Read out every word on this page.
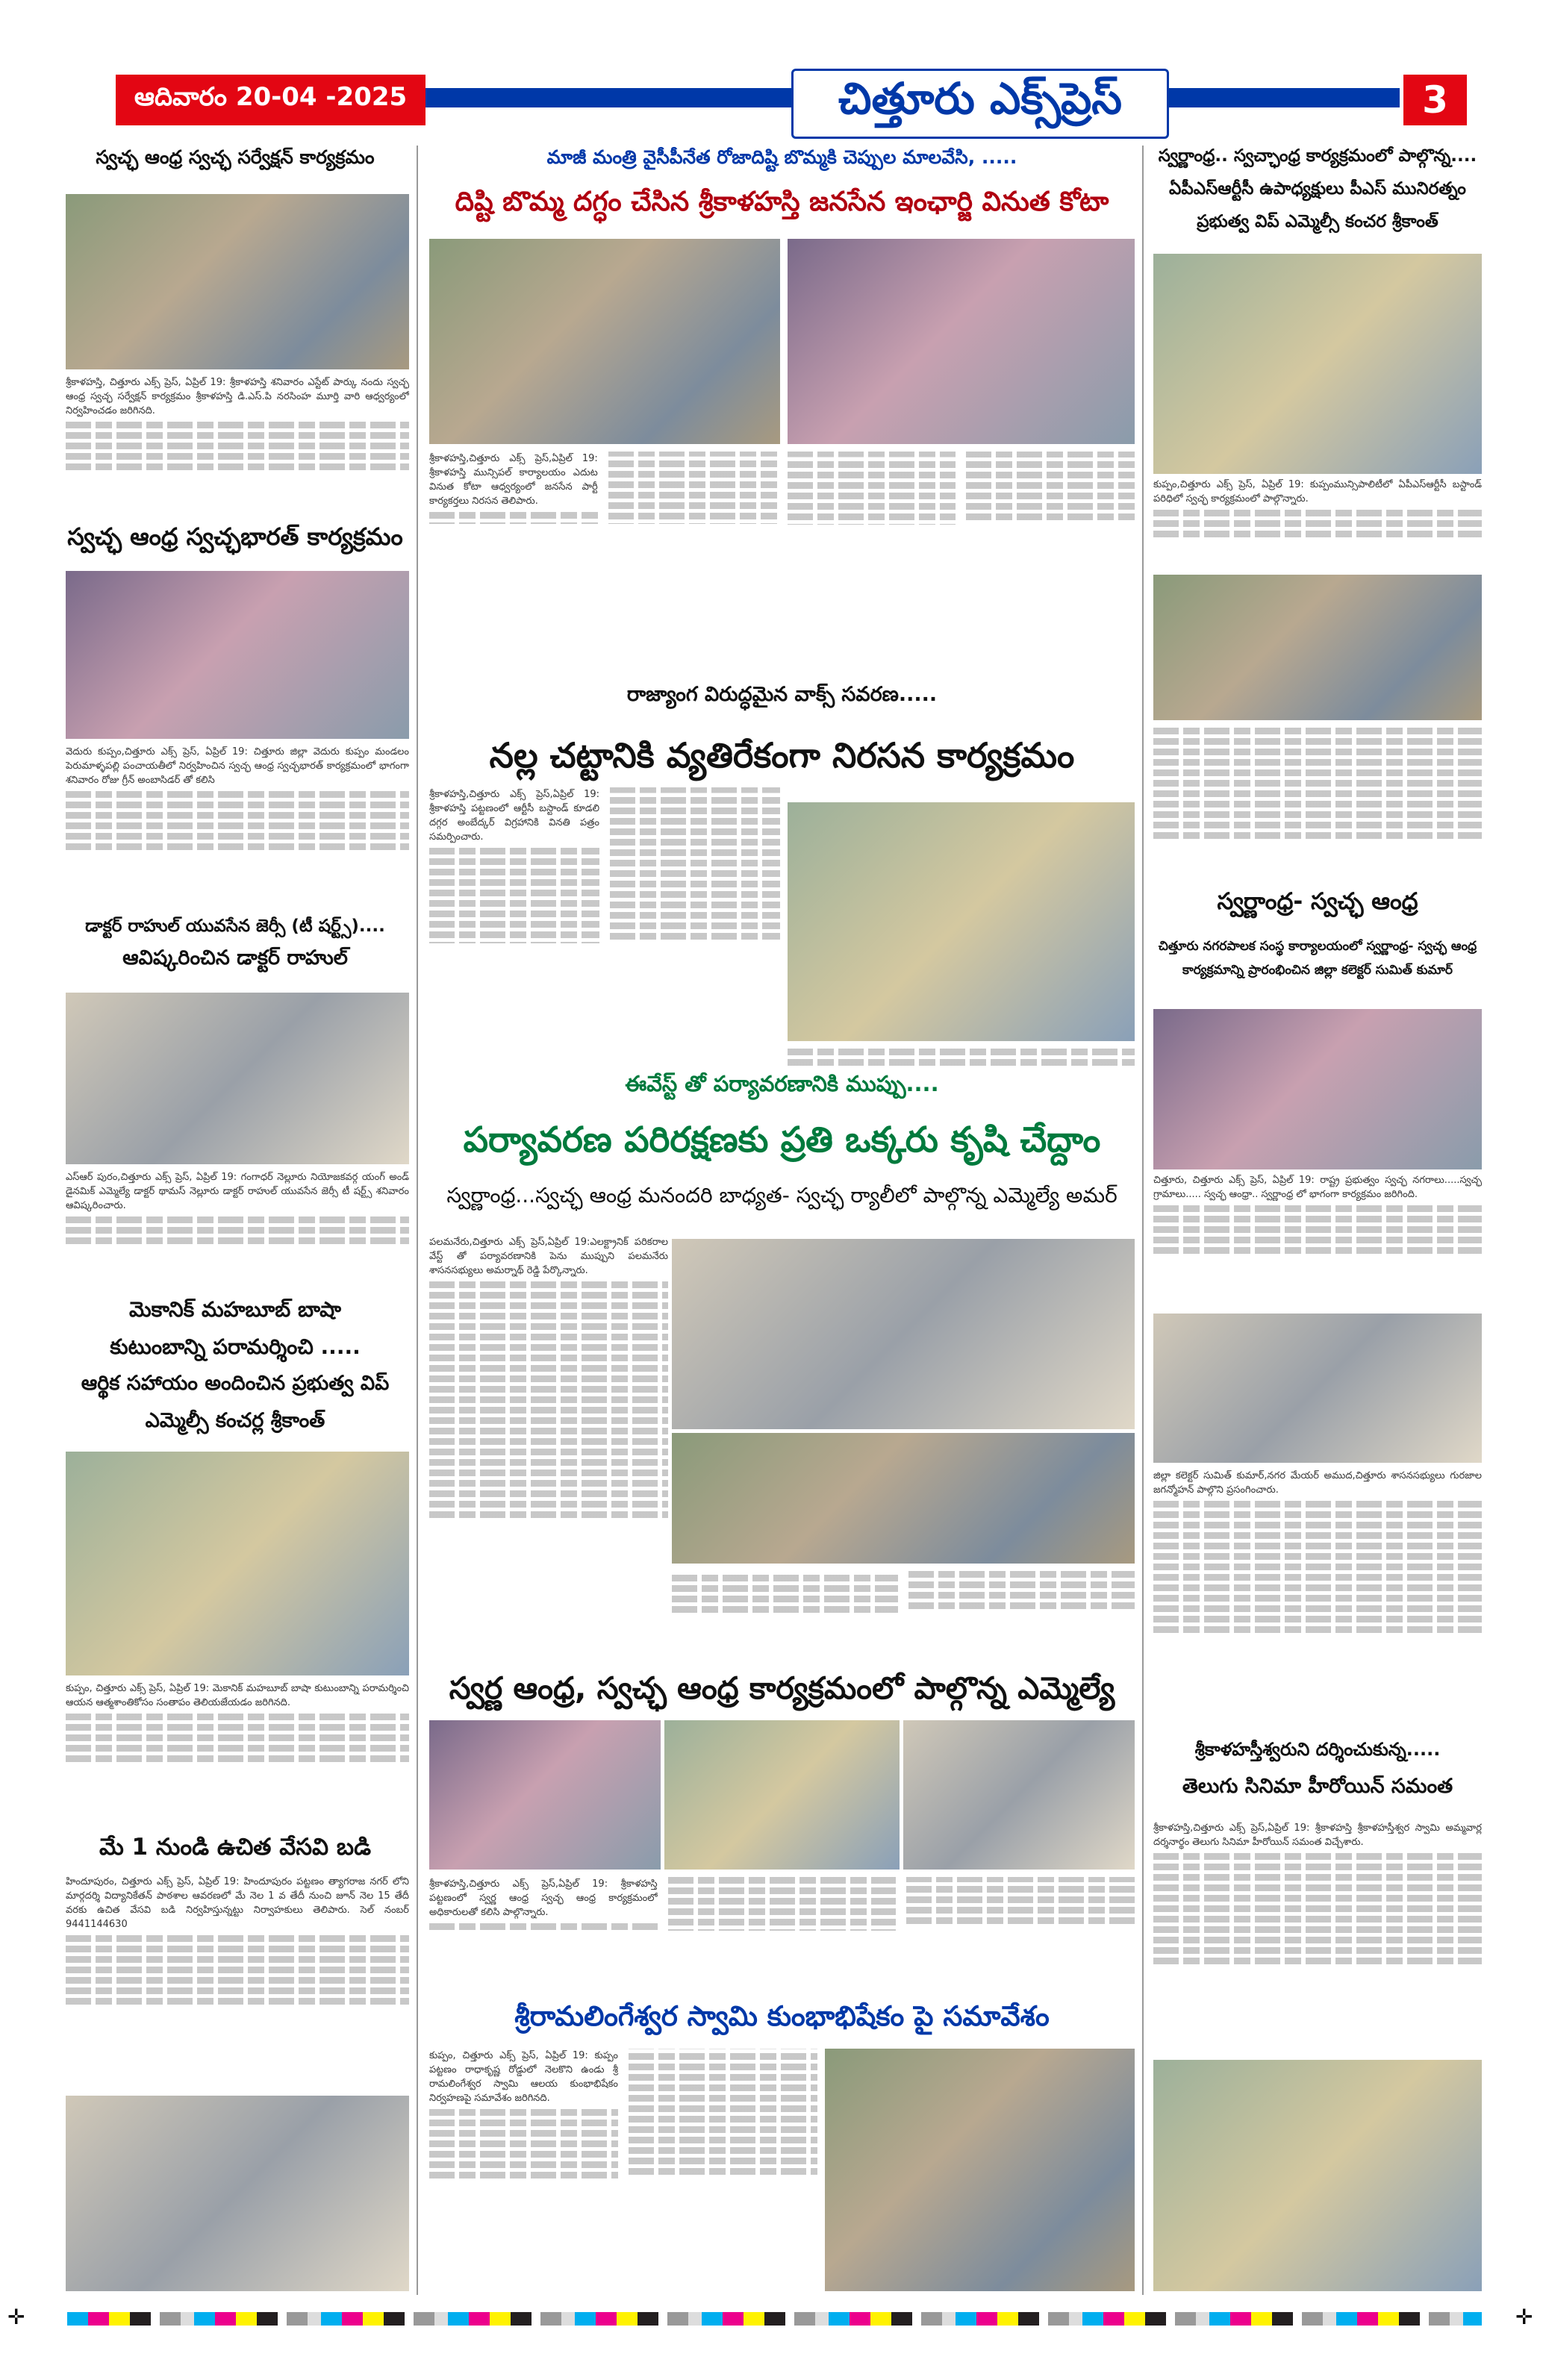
ఆదివారం 20-04 -2025	చిత్తూరు ఎక్స్‌ప్రెస్	3
స్వచ్ఛ ఆంధ్ర స్వచ్ఛ సర్వేక్షన్ కార్యక్రమం
శ్రీకాళహస్తి, చిత్తూరు ఎక్స్ ప్రెస్, ఏప్రిల్ 19: శ్రీకాళహస్తి శనివారం ఎస్టేట్ పార్కు నందు స్వచ్ఛ ఆంధ్ర స్వచ్ఛ సర్వేక్షన్ కార్యక్రమం శ్రీకాళహస్తి డి.ఎస్.పి నరసింహ మూర్తి వారి ఆధ్వర్యంలో నిర్వహించడం జరిగినది.
స్వచ్ఛ ఆంధ్ర స్వచ్ఛభారత్ కార్యక్రమం
వెదురు కుప్పం,చిత్తూరు ఎక్స్ ప్రెస్, ఏప్రిల్ 19: చిత్తూరు జిల్లా వెదురు కుప్పం మండలం పెరుమాళ్ళపల్లి పంచాయతీలో నిర్వహించిన స్వచ్ఛ ఆంధ్ర స్వచ్ఛభారత్ కార్యక్రమంలో భాగంగా శనివారం రోజు గ్రీన్ అంబాసిడర్ తో కలిసి
డాక్టర్ రాహుల్ యువసేన జెర్సీ (టీ షర్ట్స్)....
ఆవిష్కరించిన డాక్టర్ రాహుల్
ఎస్ఆర్ పురం,చిత్తూరు ఎక్స్ ప్రెస్, ఏప్రిల్ 19: గంగాధర్ నెల్లూరు నియోజకవర్గ యంగ్ అండ్ డైనమిక్ ఎమ్మెల్యే డాక్టర్ థామస్ నెల్లూరు డాక్టర్ రాహుల్ యువసేన జెర్సీ టీ షర్ట్స్ శనివారం ఆవిష్కరించారు.
మెకానిక్ మహబూబ్ బాషా
కుటుంబాన్ని పరామర్శించి .....
ఆర్థిక సహాయం అందించిన ప్రభుత్వ విప్
ఎమ్మెల్సీ కంచర్ల శ్రీకాంత్
కుప్పం, చిత్తూరు ఎక్స్ ప్రెస్, ఏప్రిల్ 19: మెకానిక్ మహబూబ్ బాషా కుటుంబాన్ని పరామర్శించి ఆయన ఆత్మశాంతికోసం సంతాపం తెలియజేయడం జరిగినది.
మే 1 నుండి ఉచిత వేసవి బడి
హిందూపురం, చిత్తూరు ఎక్స్ ప్రెస్, ఏప్రిల్ 19: హిందూపురం పట్టణం త్యాగరాజ నగర్ లోని మార్గదర్శి విద్యానికేతన్ పాఠశాల ఆవరణలో మే నెల 1 వ తేదీ నుంచి జూన్ నెల 15 తేదీ వరకు ఉచిత వేసవి బడి నిర్వహిస్తున్నట్టు నిర్వాహకులు తెలిపారు. సెల్ నంబర్ 9441144630
మాజీ మంత్రి వైసీపీనేత రోజాదిష్టి బొమ్మకి చెప్పుల మాలవేసి, .....
దిష్టి బొమ్మ దగ్ధం చేసిన శ్రీకాళహస్తి జనసేన ఇంఛార్జి వినుత కోటా
శ్రీకాళహస్తి,చిత్తూరు ఎక్స్ ప్రెస్,ఏప్రిల్ 19: శ్రీకాళహస్తి మున్సిపల్ కార్యాలయం ఎదుట వినుత కోటా ఆధ్వర్యంలో జనసేన పార్టీ కార్యకర్తలు నిరసన తెలిపారు.
రాజ్యాంగ విరుద్ధమైన వాక్స్ సవరణ.....
నల్ల చట్టానికి వ్యతిరేకంగా నిరసన కార్యక్రమం
శ్రీకాళహస్తి,చిత్తూరు ఎక్స్ ప్రెస్,ఏప్రిల్ 19: శ్రీకాళహస్తి పట్టణంలో ఆర్టీసీ బస్టాండ్ కూడలి దగ్గర అంబేద్కర్ విగ్రహానికి వినతి పత్రం సమర్పించారు.
ఈవేస్ట్ తో పర్యావరణానికి ముప్పు....
పర్యావరణ పరిరక్షణకు ప్రతి ఒక్కరు కృషి చేద్దాం
స్వర్ణాంధ్ర...స్వచ్ఛ ఆంధ్ర మనందరి బాధ్యత- స్వచ్ఛ ర్యాలీలో పాల్గొన్న ఎమ్మెల్యే అమర్
పలమనేరు,చిత్తూరు ఎక్స్ ప్రెస్,ఏప్రిల్ 19:ఎలక్ట్రానిక్ పరికరాల వేస్ట్ తో పర్యావరణానికి పెను ముప్పుని పలమనేరు శాసనసభ్యులు అమర్నాథ్ రెడ్డి పేర్కొన్నారు.
స్వర్ణ ఆంధ్ర, స్వచ్ఛ ఆంధ్ర కార్యక్రమంలో పాల్గొన్న ఎమ్మెల్యే
శ్రీకాళహస్తి,చిత్తూరు ఎక్స్ ప్రెస్,ఏప్రిల్ 19: శ్రీకాళహస్తి పట్టణంలో స్వర్ణ ఆంధ్ర స్వచ్ఛ ఆంధ్ర కార్యక్రమంలో అధికారులతో కలిసి పాల్గొన్నారు.
శ్రీరామలింగేశ్వర స్వామి కుంభాభిషేకం పై సమావేశం
కుప్పం, చిత్తూరు ఎక్స్ ప్రెస్, ఏప్రిల్ 19: కుప్పం పట్టణం రాధాకృష్ణ రోడ్డులో నెలకొని ఉండు శ్రీ రామలింగేశ్వర స్వామి ఆలయ కుంభాభిషేకం నిర్వహణపై సమావేశం జరిగినది.
స్వర్ణాంధ్ర.. స్వచ్ఛాంధ్ర కార్యక్రమంలో పాల్గొన్న....
ఏపీఎస్ఆర్టీసీ ఉపాధ్యక్షులు పీఎస్ మునిరత్నం
ప్రభుత్వ విప్ ఎమ్మెల్సీ కంచర శ్రీకాంత్
కుప్పం,చిత్తూరు ఎక్స్ ప్రెస్, ఏప్రిల్ 19: కుప్పంమున్సిపాలిటీలో ఏపీఎస్ఆర్టీసీ బస్టాండ్ పరిధిలో స్వచ్ఛ కార్యక్రమంలో పాల్గొన్నారు.
స్వర్ణాంధ్ర- స్వచ్ఛ ఆంధ్ర
చిత్తూరు నగరపాలక సంస్థ కార్యాలయంలో స్వర్ణాంధ్ర- స్వచ్ఛ ఆంధ్ర కార్యక్రమాన్ని ప్రారంభించిన జిల్లా కలెక్టర్ సుమిత్ కుమార్
చిత్తూరు, చిత్తూరు ఎక్స్ ప్రెస్, ఏప్రిల్ 19: రాష్ట్ర ప్రభుత్వం స్వచ్ఛ నగరాలు.....స్వచ్ఛ గ్రామాలు..... స్వచ్ఛ ఆంధ్రా.. స్వర్ణాంధ్ర లో భాగంగా కార్యక్రమం జరిగింది.
జిల్లా కలెక్టర్ సుమిత్ కుమార్,నగర మేయర్ అముద,చిత్తూరు శాసనసభ్యులు గురజాల జగన్మోహన్ పాల్గొని ప్రసంగించారు.
శ్రీకాళహస్తీశ్వరుని దర్శించుకున్న.....
తెలుగు సినిమా హీరోయిన్ సమంత
శ్రీకాళహస్తి,చిత్తూరు ఎక్స్ ప్రెస్,ఏప్రిల్ 19: శ్రీకాళహస్తి శ్రీకాళహస్తీశ్వర స్వామి అమ్మవార్ల దర్శనార్థం తెలుగు సినిమా హీరోయిన్ సమంత విచ్చేశారు.
✛	✛
